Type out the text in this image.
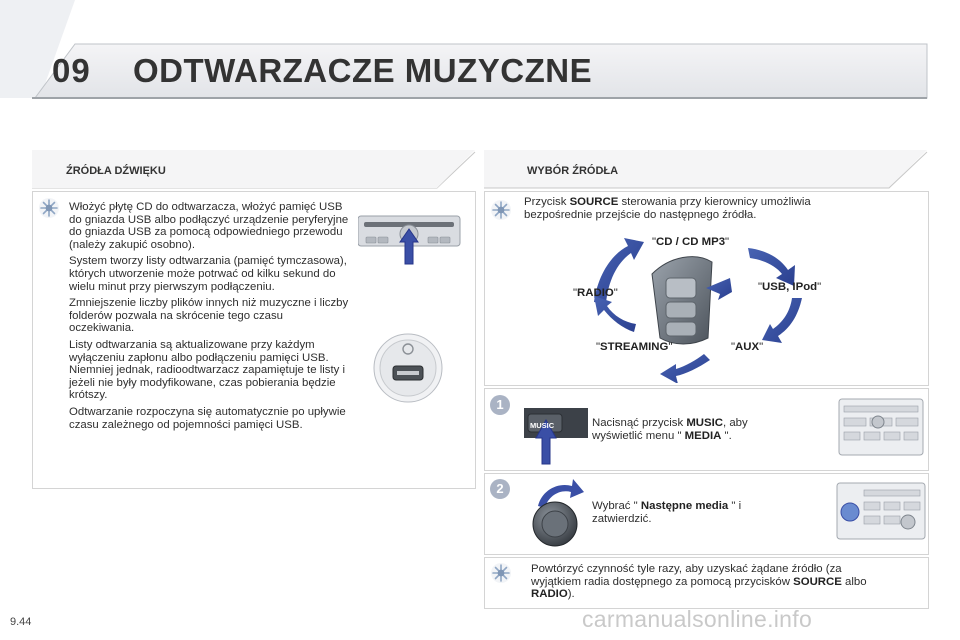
09 ODTWARZACZE MUZYCZNE
ŹRÓDŁA DŹWIĘKU	WYBÓR ŹRÓDŁA

Włożyć płytę CD do odtwarzacza, włożyć pamięć USB do gniazda USB albo podłączyć urządzenie peryferyjne do gniazda USB za pomocą odpowiedniego przewodu (należy zakupić osobno).

System tworzy listy odtwarzania (pamięć tymczasowa), których utworzenie może potrwać od kilku sekund do wielu minut przy pierwszym podłączeniu.

Zmniejszenie liczby plików innych niż muzyczne i liczby folderów pozwala na skrócenie tego czasu oczekiwania.

Listy odtwarzania są aktualizowane przy każdym wyłączeniu zapłonu albo podłączeniu pamięci USB. Niemniej jednak, radioodtwarzacz zapamiętuje te listy i jeżeli nie były modyfikowane, czas pobierania będzie krótszy.

Odtwarzanie rozpoczyna się automatycznie po upływie czasu zależnego od pojemności pamięci USB.

Przycisk SOURCE sterowania przy kierownicy umożliwia bezpośrednie przejście do następnego źródła.
"CD / CD MP3"
"USB, IPod"
"AUX"
"STREAMING"
"RADIO"
1
MUSIC	Nacisnąć przycisk MUSIC, aby wyświetlić menu " MEDIA ".
2
Wybrać " Następne media " i zatwierdzić.
Powtórzyć czynność tyle razy, aby uzyskać żądane źródło (za wyjątkiem radia dostępnego za pomocą przycisków SOURCE albo RADIO).
9.44	carmanualsonline.info
